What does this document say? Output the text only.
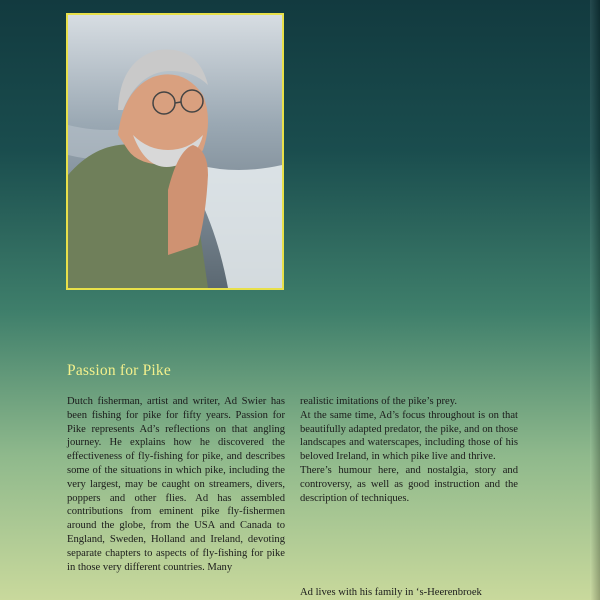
Passion for Pike

Dutch fisherman, artist and writer, Ad Swier has been fishing for pike for fifty years. Passion for Pike represents Ad’s reflections on that angling journey. He explains how he discovered the effectiveness of fly-fishing for pike, and describes some of the situations in which pike, including the very largest, may be caught on streamers, divers, poppers and other flies. Ad has assembled contributions from eminent pike fly-fishermen around the globe, from the USA and Canada to England, Sweden, Holland and Ireland, devoting separate chapters to aspects of fly-fishing for pike in those very different countries. Many

realistic imitations of the pike’s prey.

At the same time, Ad’s focus throughout is on that beautifully adapted predator, the pike, and on those landscapes and waterscapes, including those of his beloved Ireland, in which pike live and thrive.

There’s humour here, and nostalgia, story and controversy, as well as good instruction and the description of techniques.

Ad lives with his family in ‘s-Heerenbroek
